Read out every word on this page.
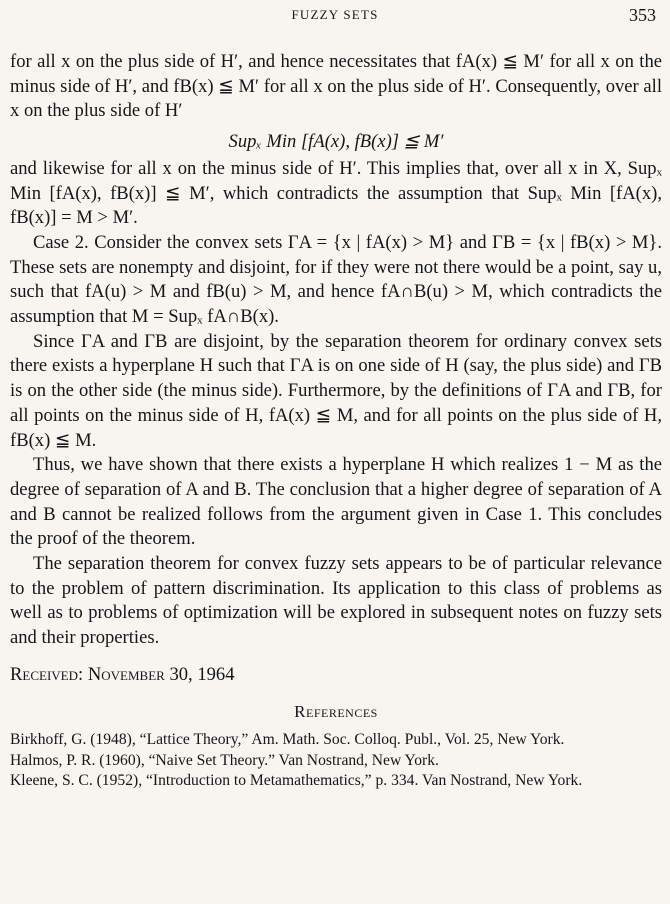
FUZZY SETS	353

for all x on the plus side of H′, and hence necessitates that fA(x) ≦ M′ for all x on the minus side of H′, and fB(x) ≦ M′ for all x on the plus side of H′. Consequently, over all x on the plus side of H′

Supₓ Min [fA(x), fB(x)] ≦ M′

and likewise for all x on the minus side of H′. This implies that, over all x in X, Supₓ Min [fA(x), fB(x)] ≦ M′, which contradicts the assumption that Supₓ Min [fA(x), fB(x)] = M > M′.

Case 2. Consider the convex sets ΓA = {x | fA(x) > M} and ΓB = {x | fB(x) > M}. These sets are nonempty and disjoint, for if they were not there would be a point, say u, such that fA(u) > M and fB(u) > M, and hence fA∩B(u) > M, which contradicts the assumption that M = Supₓ fA∩B(x).

Since ΓA and ΓB are disjoint, by the separation theorem for ordinary convex sets there exists a hyperplane H such that ΓA is on one side of H (say, the plus side) and ΓB is on the other side (the minus side). Furthermore, by the definitions of ΓA and ΓB, for all points on the minus side of H, fA(x) ≦ M, and for all points on the plus side of H, fB(x) ≦ M.

Thus, we have shown that there exists a hyperplane H which realizes 1 − M as the degree of separation of A and B. The conclusion that a higher degree of separation of A and B cannot be realized follows from the argument given in Case 1. This concludes the proof of the theorem.

The separation theorem for convex fuzzy sets appears to be of particular relevance to the problem of pattern discrimination. Its application to this class of problems as well as to problems of optimization will be explored in subsequent notes on fuzzy sets and their properties.

Received: November 30, 1964

References

Birkhoff, G. (1948), “Lattice Theory,” Am. Math. Soc. Colloq. Publ., Vol. 25, New York.

Halmos, P. R. (1960), “Naive Set Theory.” Van Nostrand, New York.

Kleene, S. C. (1952), “Introduction to Metamathematics,” p. 334. Van Nostrand, New York.
